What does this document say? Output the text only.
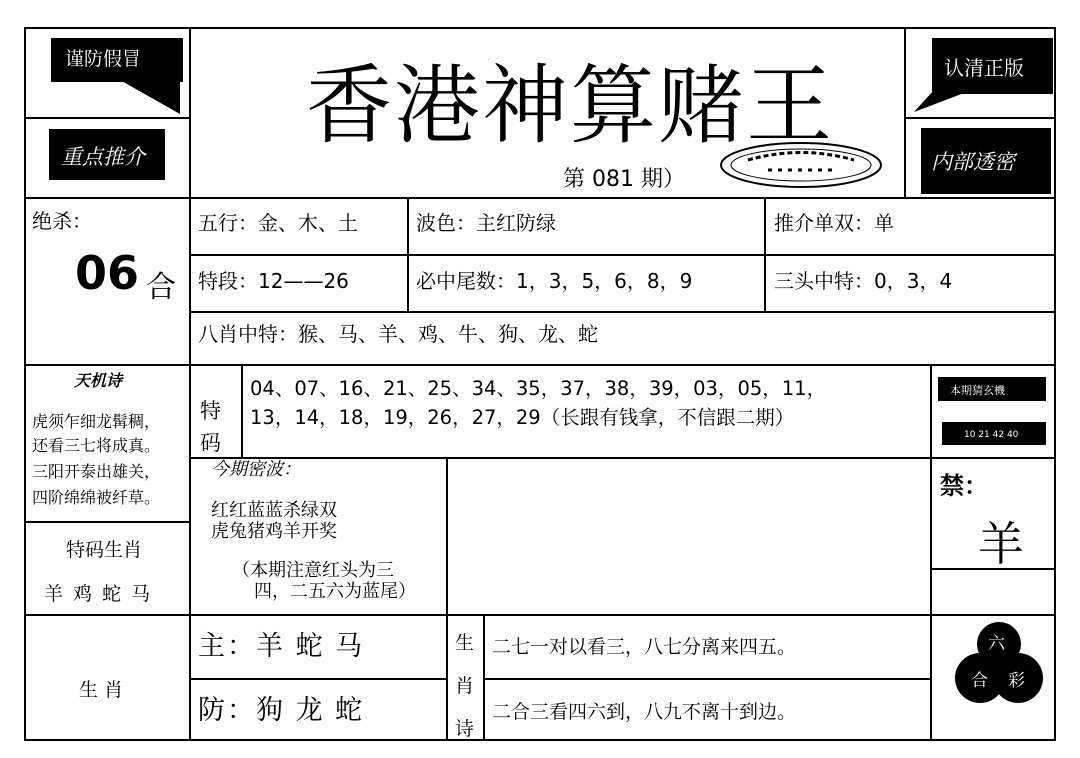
谨防假冒
重点推介
香港神算赌王
第 081 期）
认清正版
内部透密
绝杀：
06 合
五行：金、木、土	波色：主红防绿	推介单双：单
特段：12——26	必中尾数：1，3，5，6，8，9	三头中特：0，3，4
八肖中特：猴、马、羊、鸡、牛、狗、龙、蛇
天机诗
虎须乍细龙髯稠，
还看三七将成真。
三阳开泰出雄关，
四阶绵绵被纤草。
特
码
04、07、16、21、25、34、35，37，38，39，03，05，11，
13，14，18，19，26，27，29（长跟有钱拿，不信跟二期）
本期猜玄機
10 21 42 40
禁：
羊
今期密波：
红红蓝蓝杀绿双
虎兔猪鸡羊开奖
（本期注意红头为三
四，二五六为蓝尾）
特码生肖
羊 鸡 蛇 马
生 肖
主：羊 蛇 马
防：狗 龙 蛇
生
肖
诗
二七一对以看三，八七分离来四五。
二合三看四六到，八九不离十到边。
六
合 彩
